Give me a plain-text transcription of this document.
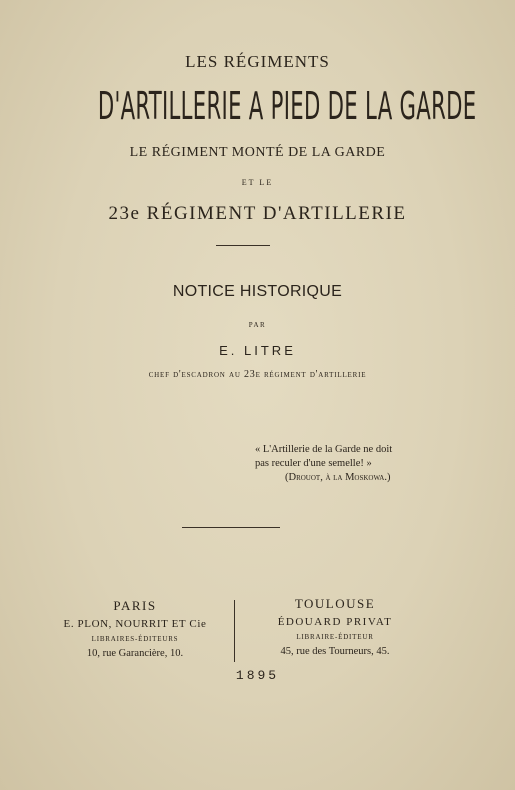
LES RÉGIMENTS
D'ARTILLERIE A PIED DE LA GARDE
LE RÉGIMENT MONTÉ DE LA GARDE
ET LE
23e RÉGIMENT D'ARTILLERIE
NOTICE HISTORIQUE
PAR
E. LITRE
chef d'escadron au 23e régiment d'artillerie
« L'Artillerie de la Garde ne doit
pas reculer d'une semelle! »
(Drouot, à la Moskowa.)
PARIS
E. PLON, NOURRIT ET Cie
LIBRAIRES-ÉDITEURS
10, rue Garancière, 10.
TOULOUSE
ÉDOUARD PRIVAT
LIBRAIRE-ÉDITEUR
45, rue des Tourneurs, 45.
1895
